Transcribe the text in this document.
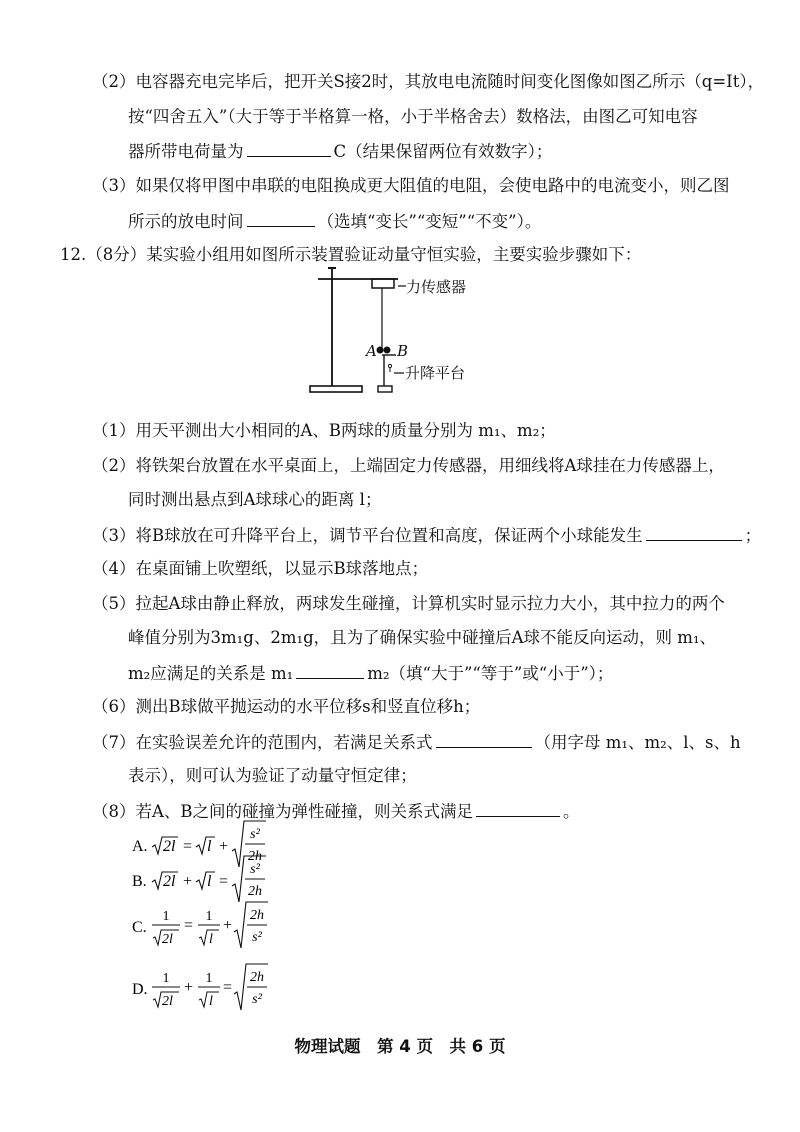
（2）电容器充电完毕后，把开关S接2时，其放电电流随时间变化图像如图乙所示（q=It），
按“四舍五入”（大于等于半格算一格，小于半格舍去）数格法，由图乙可知电容
器所带电荷量为	C（结果保留两位有效数字）；
（3）如果仅将甲图中串联的电阻换成更大阻值的电阻，会使电路中的电流变小，则乙图
所示的放电时间	（选填“变长”“变短”“不变”）。
12.（8分）某实验小组用如图所示装置验证动量守恒实验，主要实验步骤如下：
力传感器
A B
升降平台
（1）用天平测出大小相同的A、B两球的质量分别为 m₁、m₂；
（2）将铁架台放置在水平桌面上，上端固定力传感器，用细线将A球挂在力传感器上，
同时测出悬点到A球球心的距离 l；
（3）将B球放在可升降平台上，调节平台位置和高度，保证两个小球能发生	；
（4）在桌面铺上吹塑纸，以显示B球落地点；
（5）拉起A球由静止释放，两球发生碰撞，计算机实时显示拉力大小，其中拉力的两个
峰值分别为3m₁g、2m₁g，且为了确保实验中碰撞后A球不能反向运动，则 m₁、
m₂应满足的关系是 m₁	m₂（填“大于”“等于”或“小于”）；
（6）测出B球做平抛运动的水平位移s和竖直位移h；
（7）在实验误差允许的范围内，若满足关系式	（用字母 m₁、m₂、l、s、h
表示），则可认为验证了动量守恒定律；
（8）若A、B之间的碰撞为弹性碰撞，则关系式满足	。
A. 2l = l +
s²
2h
B. 2l + l =
s²
2h
C.
1
2l
=
1
l
+
2h
s²
D.
1
2l
+
1
l
=
2h
s²
物理试题　第 4 页　共 6 页
